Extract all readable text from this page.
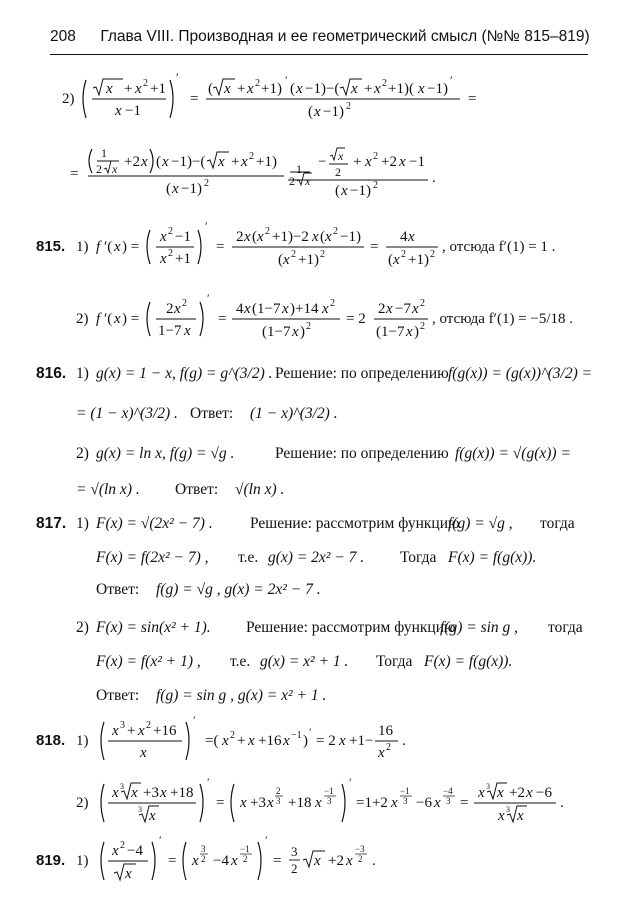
208 Глава VIII. Производная и ее геометрический смысл (№№ 815–819)
2)
′
x + x 2 +1
x −1
=
( x + x 2 +1)
′
( x −1)−( x + x 2 +1)( x −1)
′
( x −1) 2	=
=
1
2 x +2 x ( x −1)−( x + x 2 +1)
( x −1) 2
1
2 x
− x
2
+ x 2 +2 x −1
( x −1) 2	.
815. 1) f ′( x ) =
x 2 −1
x 2 +1
′
=
2 x ( x 2 +1)−2 x ( x 2 −1)
( x 2 +1) 2	=
4 x
( x 2 +1) 2 , отсюда f′(1) = 1 .
2) f ′( x ) =
2 x 2
1−7 x
′
=
4 x (1−7 x )+14 x 2
(1−7 x ) 2 = 2
2 x −7 x 2
(1−7 x ) 2 , отсюда f′(1) = −5/18 .
816. 1) g(x) = 1 − x, f(g) = g^(3/2) . Решение: по определению f(g(x)) = (g(x))^(3/2) =
= (1 − x)^(3/2) . Ответ: (1 − x)^(3/2) .
2) g(x) = ln x, f(g) = √g .	Решение: по определению f(g(x)) = √(g(x)) =
= √(ln x) . Ответ: √(ln x) .
817. 1) F(x) = √(2x² − 7) . Решение: рассмотрим функцию
f(g) = √g , тогда
F(x) = f(2x² − 7) , т.е. g(x) = 2x² − 7 . Тогда F(x) = f(g(x)).
Ответ: f(g) = √g , g(x) = 2x² − 7 .
2) F(x) = sin(x² + 1). Решение: рассмотрим функцию
f(g) = sin g , тогда
F(x) = f(x² + 1) , т.е. g(x) = x² + 1 . Тогда F(x) = f(g(x)).
Ответ: f(g) = sin g , g(x) = x² + 1 .
818. 1)
x 3 + x 2 +16
x
′
=( x 2 + x +16 x −1 )
′
= 2 x +1−
16
x 2 .
2)
x 3 x +3 x +18
3 x
′
= x +3 x
2
3 +18 x
−1
3
′
=1+2 x
−1
3 −6 x
−4
3 =
x 3 x +2 x −6
x 3 x
.
819. 1)
x 2 −4
x
′
= x
3
2 −4 x
−1
2
′
=
3
2 x +2 x
−3
2 .
